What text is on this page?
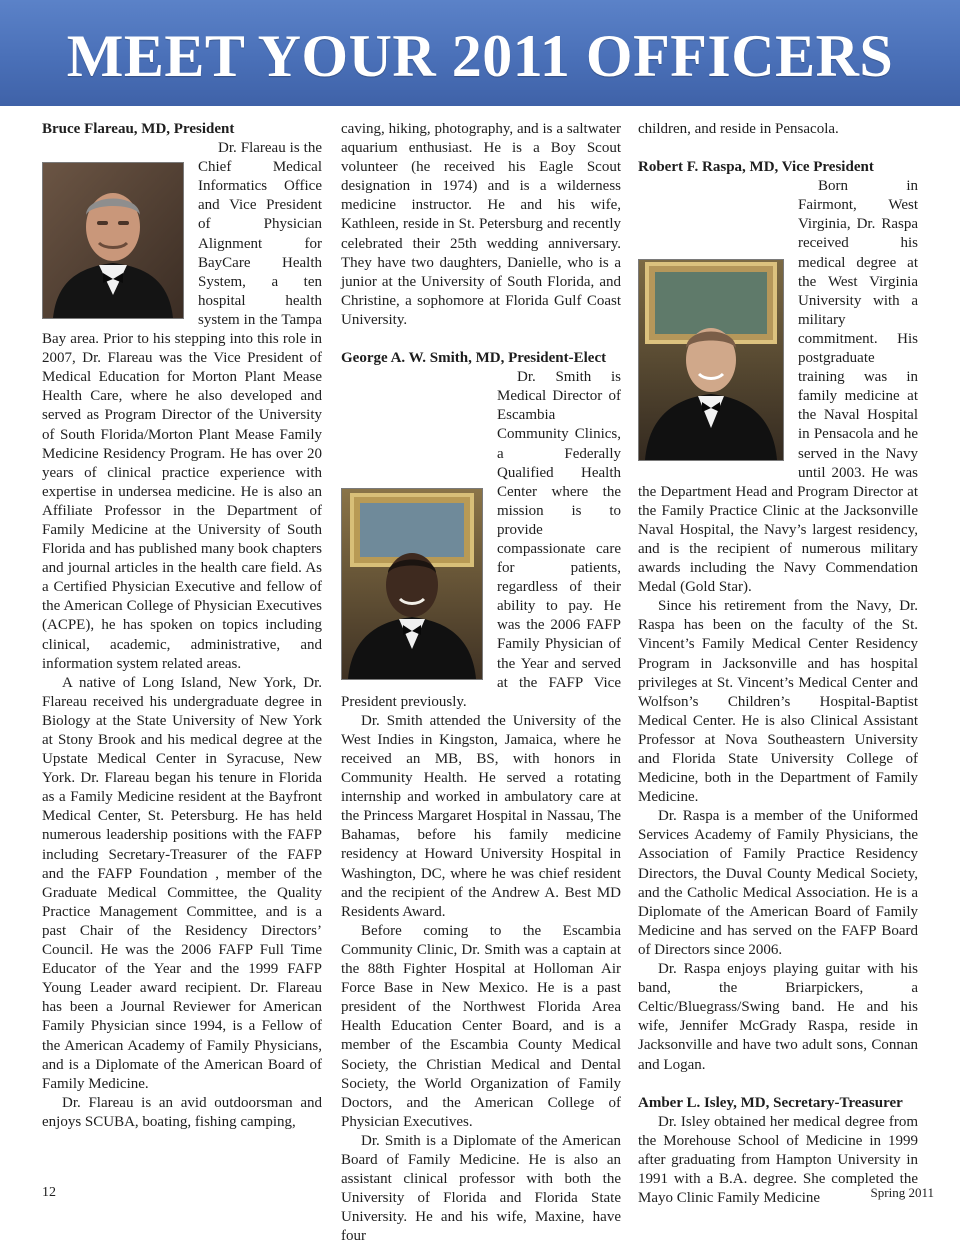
MEET YOUR 2011 OFFICERS
Bruce Flareau, MD, President

Dr. Flareau is the Chief Medical Informatics Office and Vice President of Physician Alignment for BayCare Health System, a ten hospital health system in the Tampa Bay area. Prior to his stepping into this role in 2007, Dr. Flareau was the Vice President of Medical Education for Morton Plant Mease Health Care, where he also developed and served as Program Director of the University of South Florida/Morton Plant Mease Family Medicine Residency Program. He has over 20 years of clinical practice experience with expertise in undersea medicine. He is also an Affiliate Professor in the Department of Family Medicine at the University of South Florida and has published many book chapters and journal articles in the health care field. As a Certified Physician Executive and fellow of the American College of Physician Executives (ACPE), he has spoken on topics including clinical, academic, administrative, and information system related areas.

A native of Long Island, New York, Dr. Flareau received his undergraduate degree in Biology at the State University of New York at Stony Brook and his medical degree at the Upstate Medical Center in Syracuse, New York. Dr. Flareau began his tenure in Florida as a Family Medicine resident at the Bayfront Medical Center, St. Petersburg. He has held numerous leadership positions with the FAFP including Secretary-Treasurer of the FAFP and the FAFP Foundation , member of the Graduate Medical Committee, the Quality Practice Management Committee, and is a past Chair of the Residency Directors’ Council. He was the 2006 FAFP Full Time Educator of the Year and the 1999 FAFP Young Leader award recipient. Dr. Flareau has been a Journal Reviewer for American Family Physician since 1994, is a Fellow of the American Academy of Family Physicians, and is a Diplomate of the American Board of Family Medicine.

Dr. Flareau is an avid outdoorsman and enjoys SCUBA, boating, fishing camping,

caving, hiking, photography, and is a saltwater aquarium enthusiast. He is a Boy Scout volunteer (he received his Eagle Scout designation in 1974) and is a wilderness medicine instructor. He and his wife, Kathleen, reside in St. Petersburg and recently celebrated their 25th wedding anniversary. They have two daughters, Danielle, who is a junior at the University of South Florida, and Christine, a sophomore at Florida Gulf Coast University.

George A. W. Smith, MD, President-Elect

Dr. Smith is Medical Director of Escambia Community Clinics, a Federally Qualified Health Center where the mission is to provide compassionate care for patients, regardless of their ability to pay. He was the 2006 FAFP Family Physician of the Year and served at the FAFP Vice President previously.

Dr. Smith attended the University of the West Indies in Kingston, Jamaica, where he received an MB, BS, with honors in Community Health. He served a rotating internship and worked in ambulatory care at the Princess Margaret Hospital in Nassau, The Bahamas, before his family medicine residency at Howard University Hospital in Washington, DC, where he was chief resident and the recipient of the Andrew A. Best MD Residents Award.

Before coming to the Escambia Community Clinic, Dr. Smith was a captain at the 88th Fighter Hospital at Holloman Air Force Base in New Mexico. He is a past president of the Northwest Florida Area Health Education Center Board, and is a member of the Escambia County Medical Society, the Christian Medical and Dental Society, the World Organization of Family Doctors, and the American College of Physician Executives.

Dr. Smith is a Diplomate of the American Board of Family Medicine. He is also an assistant clinical professor with both the University of Florida and Florida State University. He and his wife, Maxine, have four

children, and reside in Pensacola.

Robert F. Raspa, MD, Vice President

Born in Fairmont, West Virginia, Dr. Raspa received his medical degree at the West Virginia University with a military commitment. His postgraduate training was in family medicine at the Naval Hospital in Pensacola and he served in the Navy until 2003. He was the Department Head and Program Director at the Family Practice Clinic at the Jacksonville Naval Hospital, the Navy’s largest residency, and is the recipient of numerous military awards including the Navy Commendation Medal (Gold Star).

Since his retirement from the Navy, Dr. Raspa has been on the faculty of the St. Vincent’s Family Medical Center Residency Program in Jacksonville and has hospital privileges at St. Vincent’s Medical Center and Wolfson’s Children’s Hospital-Baptist Medical Center. He is also Clinical Assistant Professor at Nova Southeastern University and Florida State University College of Medicine, both in the Department of Family Medicine.

Dr. Raspa is a member of the Uniformed Services Academy of Family Physicians, the Association of Family Practice Residency Directors, the Duval County Medical Society, and the Catholic Medical Association. He is a Diplomate of the American Board of Family Medicine and has served on the FAFP Board of Directors since 2006.

Dr. Raspa enjoys playing guitar with his band, the Briarpickers, a Celtic/Bluegrass/Swing band. He and his wife, Jennifer McGrady Raspa, reside in Jacksonville and have two adult sons, Connan and Logan.

Amber L. Isley, MD, Secretary-Treasurer

Dr. Isley obtained her medical degree from the Morehouse School of Medicine in 1999 after graduating from Hampton University in 1991 with a B.A. degree. She completed the Mayo Clinic Family Medicine

12	Spring 2011
